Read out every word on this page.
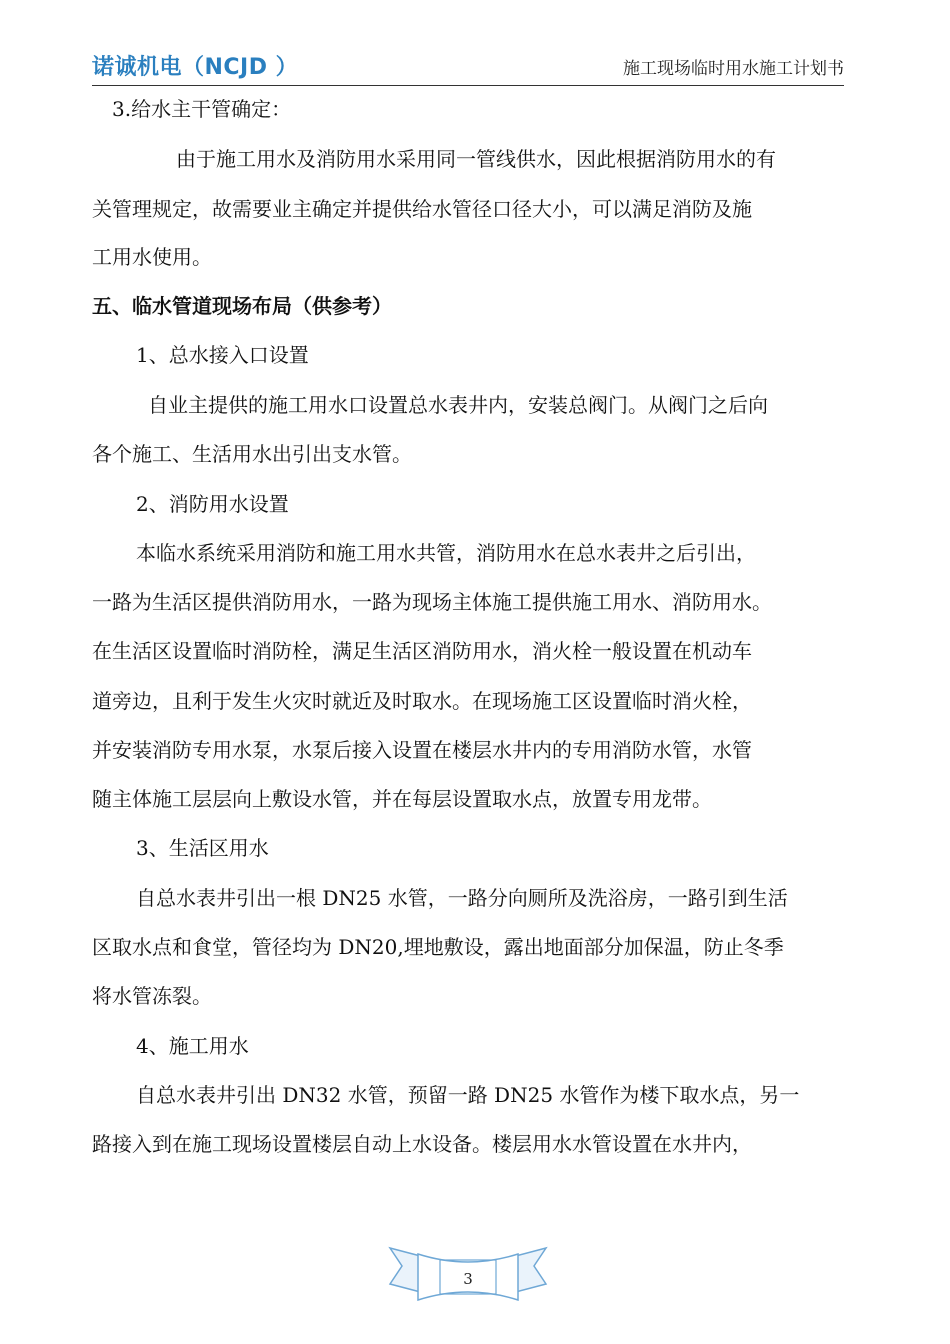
诺诚机电（NCJD ）	施工现场临时用水施工计划书
3.给水主干管确定：
由于施工用水及消防用水采用同一管线供水，因此根据消防用水的有
关管理规定，故需要业主确定并提供给水管径口径大小，可以满足消防及施
工用水使用。
五、临水管道现场布局（供参考）
1、总水接入口设置
自业主提供的施工用水口设置总水表井内，安装总阀门。从阀门之后向
各个施工、生活用水出引出支水管。
2、消防用水设置
本临水系统采用消防和施工用水共管，消防用水在总水表井之后引出，
一路为生活区提供消防用水，一路为现场主体施工提供施工用水、消防用水。
在生活区设置临时消防栓，满足生活区消防用水，消火栓一般设置在机动车
道旁边，且利于发生火灾时就近及时取水。在现场施工区设置临时消火栓，
并安装消防专用水泵，水泵后接入设置在楼层水井内的专用消防水管，水管
随主体施工层层向上敷设水管，并在每层设置取水点，放置专用龙带。
3、生活区用水
自总水表井引出一根 DN25 水管，一路分向厕所及洗浴房，一路引到生活
区取水点和食堂，管径均为 DN20,埋地敷设，露出地面部分加保温，防止冬季
将水管冻裂。
4、施工用水
自总水表井引出 DN32 水管，预留一路 DN25 水管作为楼下取水点，另一
路接入到在施工现场设置楼层自动上水设备。楼层用水水管设置在水井内，
3
